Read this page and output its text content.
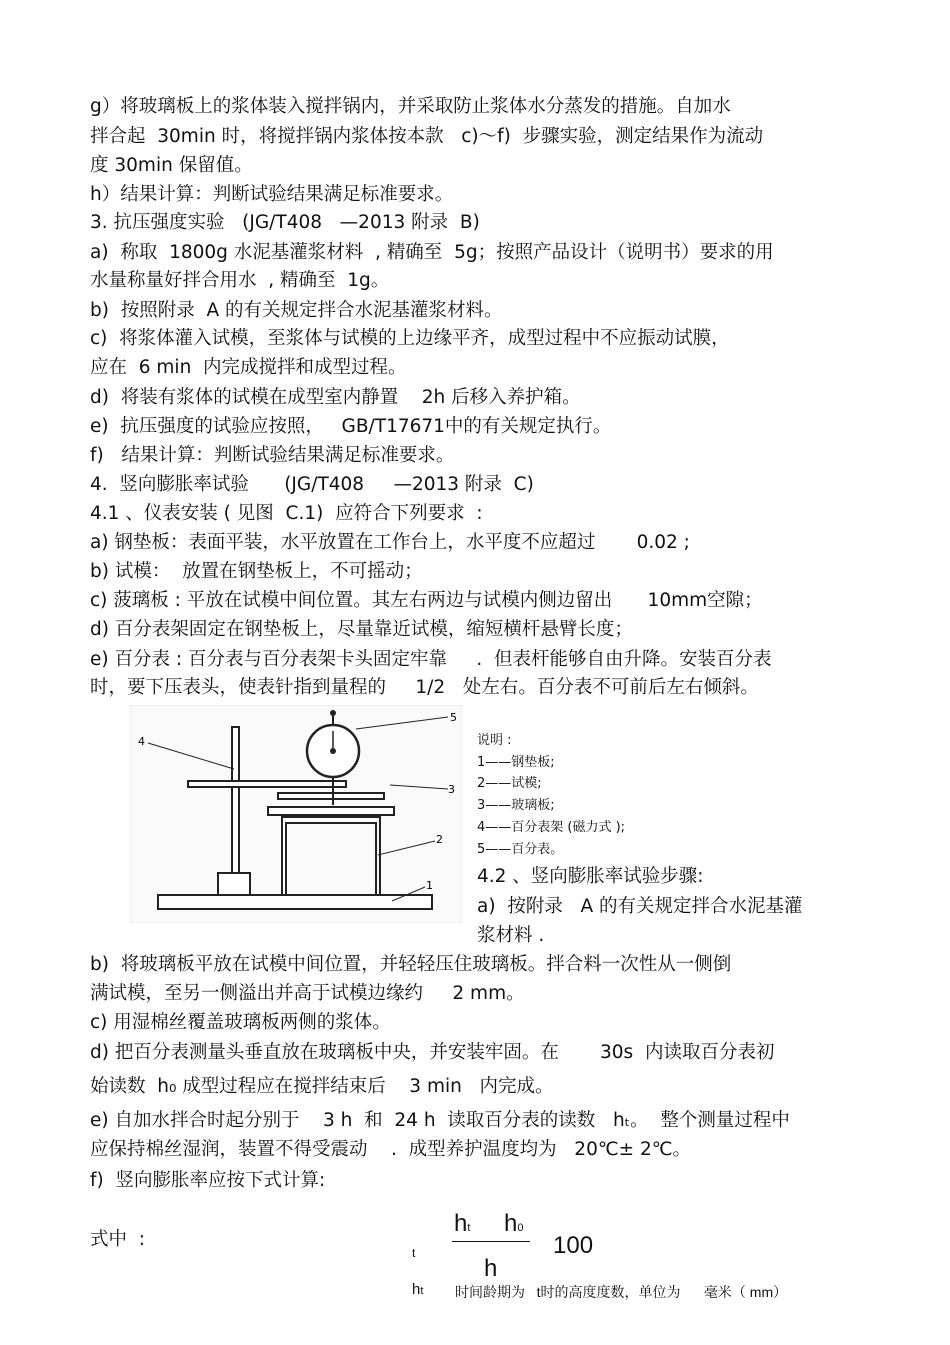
g）将玻璃板上的浆体装入搅拌锅内，并采取防止浆体水分蒸发的措施。自加水
拌合起  30min 时，将搅拌锅内浆体按本款   c)～f)  步骤实验，测定结果作为流动
度 30min 保留值。
h）结果计算：判断试验结果满足标准要求。
3. 抗压强度实验   (JG/T408   —2013 附录  B)
a)  称取  1800g 水泥基灌浆材料  , 精确至  5g；按照产品设计（说明书）要求的用
水量称量好拌合用水  , 精确至  1g。
b)  按照附录  A 的有关规定拌合水泥基灌浆材料。
c)  将浆体灌入试模，至浆体与试模的上边缘平齐，成型过程中不应振动试膜，
应在  6 min  内完成搅拌和成型过程。
d)  将装有浆体的试模在成型室内静置    2h 后移入养护箱。
e)  抗压强度的试验应按照，   GB/T17671中的有关规定执行。
f)   结果计算：判断试验结果满足标准要求。
4.  竖向膨胀率试验      (JG/T408     —2013 附录  C)
4.1 、仪表安装 ( 见图  C.1)  应符合下列要求  :
a) 钢垫板：表面平装，水平放置在工作台上，水平度不应超过       0.02 ;
b) 试模：  放置在钢垫板上，不可摇动；
c) 菠璃板 : 平放在试模中间位置。其左右两边与试模内侧边留出      10mm空隙；
d) 百分表架固定在钢垫板上，尽量靠近试模，缩短横杆悬臂长度；
e) 百分表 : 百分表与百分表架卡头固定牢靠     .  但表杆能够自由升降。安装百分表
时，要下压表头，使表针指到量程的     1/2   处左右。百分表不可前后左右倾斜。
1
2
3
4
5
说明 :
1——钢垫板;
2——试模;
3——玻璃板;
4——百分表架 (磁力式 );
5——百分表。
4.2 、竖向膨胀率试验步骤:
a)  按附录   A 的有关规定拌合水泥基灌
浆材料 .
b)  将玻璃板平放在试模中间位置，并轻轻压住玻璃板。拌合料一次性从一侧倒
满试模，至另一侧溢出并高于试模边缘约     2 mm。
c) 用湿棉丝覆盖玻璃板两侧的浆体。
d) 把百分表测量头垂直放在玻璃板中央，并安装牢固。在       30s  内读取百分表初
始读数  h₀ 成型过程应在搅拌结束后    3 min   内完成。
e) 自加水拌合时起分别于    3 h  和  24 h  读取百分表的读数   hₜ。  整个测量过程中
应保持棉丝湿润，装置不得受震动    .  成型养护温度均为   20℃± 2℃。
f)  竖向膨胀率应按下式计算:
式中  :
t
ht h0
h
100
ht 时间龄期为   t时的高度度数，单位为      毫米（ mm）
